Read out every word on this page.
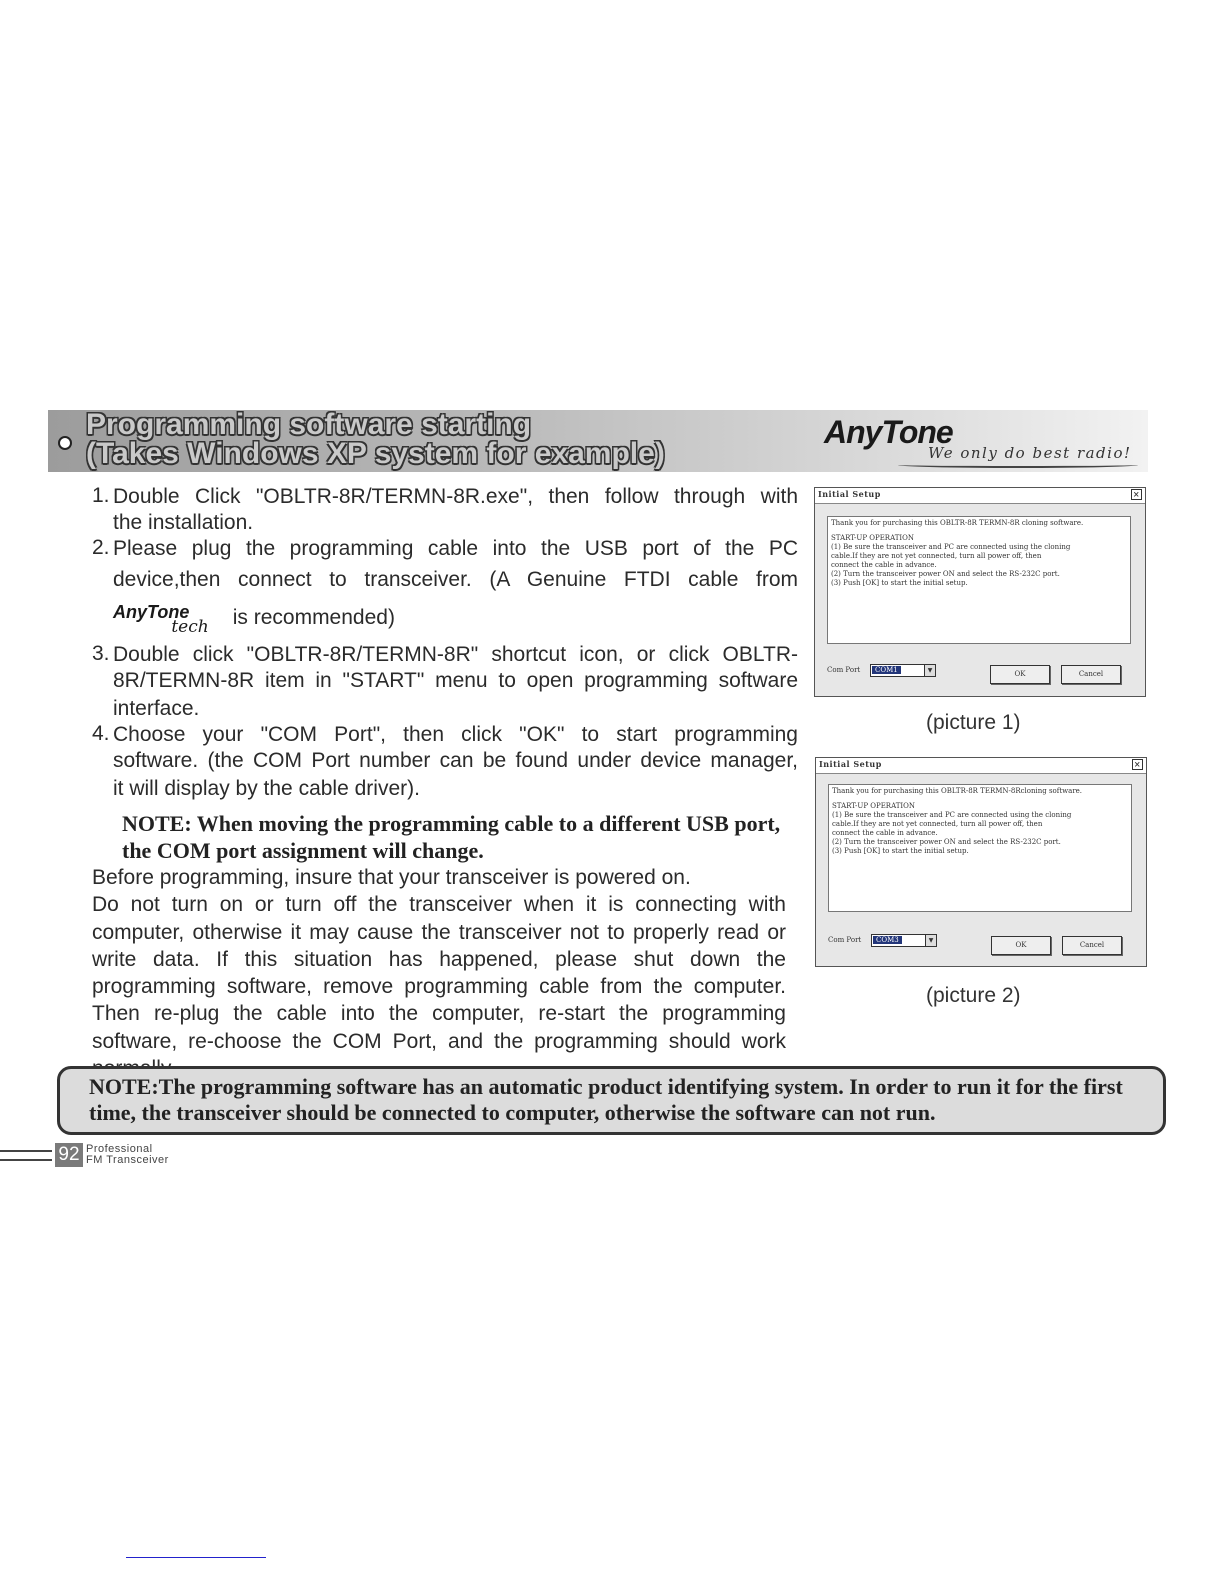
Programming software starting
(Takes Windows XP system for example)
AnyTone
We only do best radio!
1. Double Click "OBLTR-8R/TERMN-8R.exe", then follow through with
the installation.
2. Please plug the programming cable into the USB port of the PC
device,then connect to transceiver. (A Genuine FTDI cable from
AnyTonetech is recommended)
3. Double click "OBLTR-8R/TERMN-8R" shortcut icon, or click OBLTR-
8R/TERMN-8R item in "START" menu to open programming software
interface.
4. Choose your "COM Port", then click "OK" to start programming
software. (the COM Port number can be found under device manager,
it will display by the cable driver).
NOTE: When moving the programming cable to a different USB port, the COM port assignment will change.
Before programming, insure that your transceiver is powered on.
Do not turn on or turn off the transceiver when it is connecting with computer, otherwise it may cause the transceiver not to properly read or write data. If this situation has happened, please shut down the programming software, remove programming cable from the computer. Then re-plug the cable into the computer, re-start the programming software, re-choose the COM Port, and the programming should work
Initial Setup	×
Thank you for purchasing this OBLTR-8R TERMN-8R cloning software.
START-UP OPERATION
(1) Be sure the transceiver and PC are connected using the cloning
cable.If they are not yet connected, turn all power off, then
connect the cable in advance.
(2) Turn the transceiver power ON and select the RS-232C port.
(3) Push [OK] to start the initial setup.
Com Port	COM1	▼	OK	Cancel
(picture 1)
Initial Setup	×
Thank you for purchasing this OBLTR-8R TERMN-8Rcloning software.
START-UP OPERATION
(1) Be sure the transceiver and PC are connected using the cloning
cable.If they are not yet connected, turn all power off, then
connect the cable in advance.
(2) Turn the transceiver power ON and select the RS-232C port.
(3) Push [OK] to start the initial setup.
Com Port	COM3	▼
OK	Cancel
(picture 2)
NOTE:The programming software has an automatic product identifying system. In order to run it for the first time, the transceiver should be connected to computer, otherwise the software can not run.
92 Professional
FM Transceiver
